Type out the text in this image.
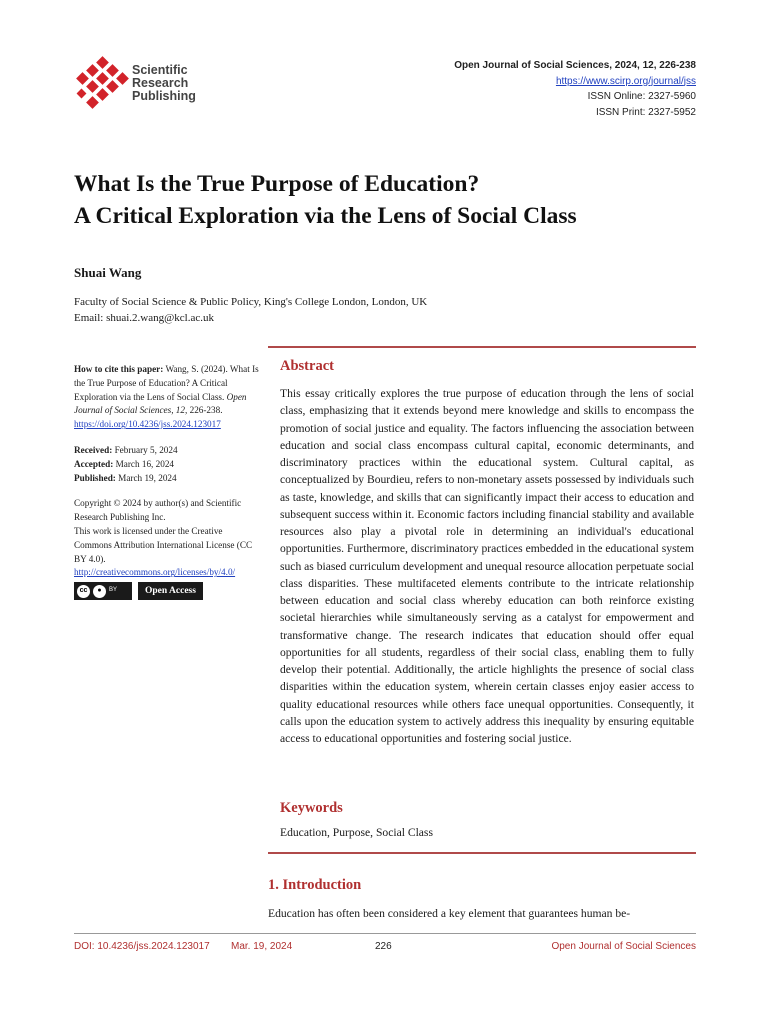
Scientific
Research
Publishing
Open Journal of Social Sciences, 2024, 12, 226-238
https://www.scirp.org/journal/jss
ISSN Online: 2327-5960
ISSN Print: 2327-5952
What Is the True Purpose of Education?
A Critical Exploration via the Lens of Social Class
Shuai Wang
Faculty of Social Science & Public Policy, King's College London, London, UK
Email: shuai.2.wang@kcl.ac.uk

How to cite this paper: Wang, S. (2024). What Is the True Purpose of Education? A Critical Exploration via the Lens of Social Class. Open Journal of Social Sciences, 12, 226-238.
https://doi.org/10.4236/jss.2024.123017

Received: February 5, 2024
Accepted: March 16, 2024
Published: March 19, 2024

Copyright © 2024 by author(s) and Scientific Research Publishing Inc.
This work is licensed under the Creative Commons Attribution International License (CC BY 4.0).
http://creativecommons.org/licenses/by/4.0/

cc	●	BY	Open Access
Abstract
This essay critically explores the true purpose of education through the lens of social class, emphasizing that it extends beyond mere knowledge and skills to encompass the promotion of social justice and equality. The factors influencing the association between education and social class encompass cultural capital, economic determinants, and discriminatory practices within the educational system. Cultural capital, as conceptualized by Bourdieu, refers to non-monetary assets possessed by individuals such as taste, knowledge, and skills that can significantly impact their access to education and subsequent success within it. Economic factors including financial stability and available resources also play a pivotal role in determining an individual's educational opportunities. Furthermore, discriminatory practices embedded in the educational system such as biased curriculum development and unequal resource allocation perpetuate social class disparities. These multifaceted elements contribute to the intricate relationship between education and social class whereby education can both reinforce existing societal hierarchies while simultaneously serving as a catalyst for empowerment and transformative change. The research indicates that education should offer equal opportunities for all students, regardless of their social class, enabling them to fully develop their potential. Additionally, the article highlights the presence of social class disparities within the education system, wherein certain classes enjoy easier access to quality educational resources while others face unequal opportunities. Consequently, it calls upon the education system to actively address this inequality by ensuring equitable access to educational opportunities and fostering social justice.
Keywords
Education, Purpose, Social Class
1. Introduction
Education has often been considered a key element that guarantees human be-
DOI: 10.4236/jss.2024.123017 Mar. 19, 2024	226	Open Journal of Social Sciences
